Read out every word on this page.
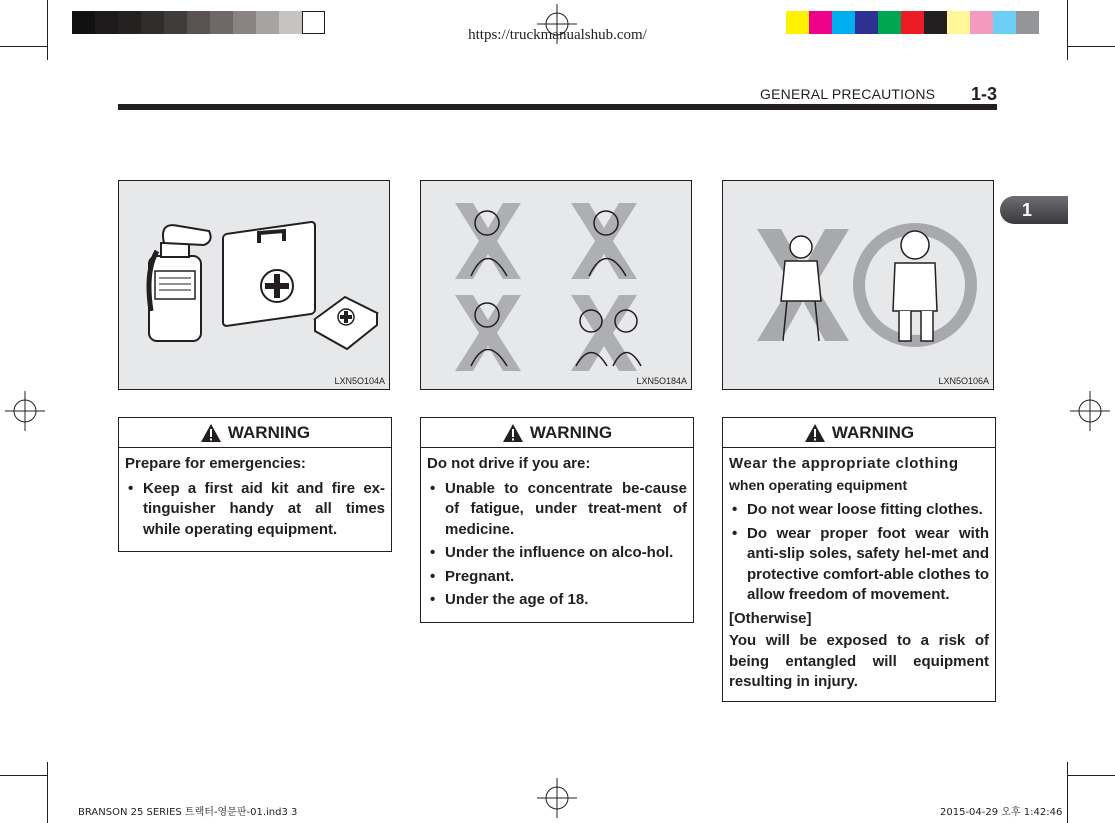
https://truckmanualshub.com/
GENERAL PRECAUTIONS 1-3
1
LXN5O104A	LXN5O184A	LXN5O106A
WARNING

Prepare for emergencies:

• Keep a first aid kit and fire ex-tinguisher handy at all times while operating equipment.
WARNING

Do not drive if you are:

• Unable to concentrate be-cause of fatigue, under treat-ment of medicine.
• Under the influence on alco-hol.
• Pregnant.
• Under the age of 18.
WARNING

Wear the appropriate clothing
when operating equipment

• Do not wear loose fitting clothes.
• Do wear proper foot wear with anti-slip soles, safety hel-met and protective comfort-able clothes to allow freedom of movement.

[Otherwise]

You will be exposed to a risk of being entangled will equipment resulting in injury.

BRANSON 25 SERIES 트랙터-영문판-01.ind3 3	2015-04-29 오후 1:42:46
